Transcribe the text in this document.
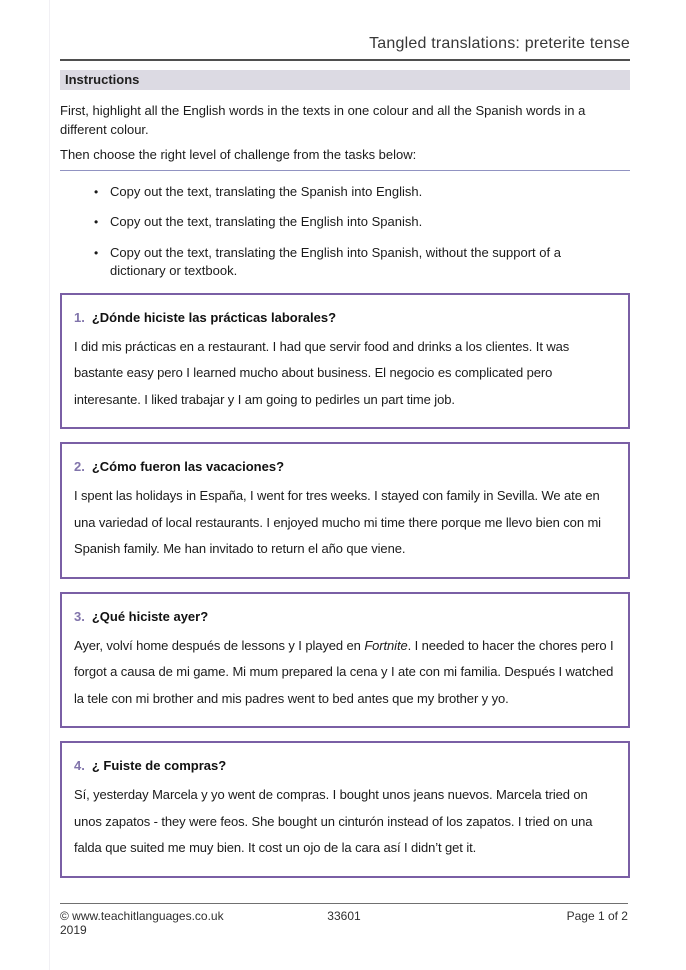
Tangled translations: preterite tense
Instructions

First, highlight all the English words in the texts in one colour and all the Spanish words in a different colour.

Then choose the right level of challenge from the tasks below:

• Copy out the text, translating the Spanish into English.
• Copy out the text, translating the English into Spanish.
• Copy out the text, translating the English into Spanish, without the support of a dictionary or textbook.
1. ¿Dónde hiciste las prácticas laborales?

I did mis prácticas en a restaurant. I had que servir food and drinks a los clientes. It was bastante easy pero I learned mucho about business. El negocio es complicated pero interesante. I liked trabajar y I am going to pedirles un part time job.

2. ¿Cómo fueron las vacaciones?

I spent las holidays in España, I went for tres weeks. I stayed con family in Sevilla. We ate en una variedad of local restaurants. I enjoyed mucho mi time there porque me llevo bien con mi Spanish family. Me han invitado to return el año que viene.

3. ¿Qué hiciste ayer?

Ayer, volví home después de lessons y I played en Fortnite. I needed to hacer the chores pero I forgot a causa de mi game. Mi mum prepared la cena y I ate con mi familia. Después I watched la tele con mi brother and mis padres went to bed antes que my brother y yo.

4. ¿ Fuiste de compras?

Sí, yesterday Marcela y yo went de compras. I bought unos jeans nuevos. Marcela tried on unos zapatos - they were feos. She bought un cinturón instead of los zapatos. I tried on una falda que suited me muy bien. It cost un ojo de la cara así I didn’t get it.

© www.teachitlanguages.co.uk 2019
33601	Page 1 of 2
